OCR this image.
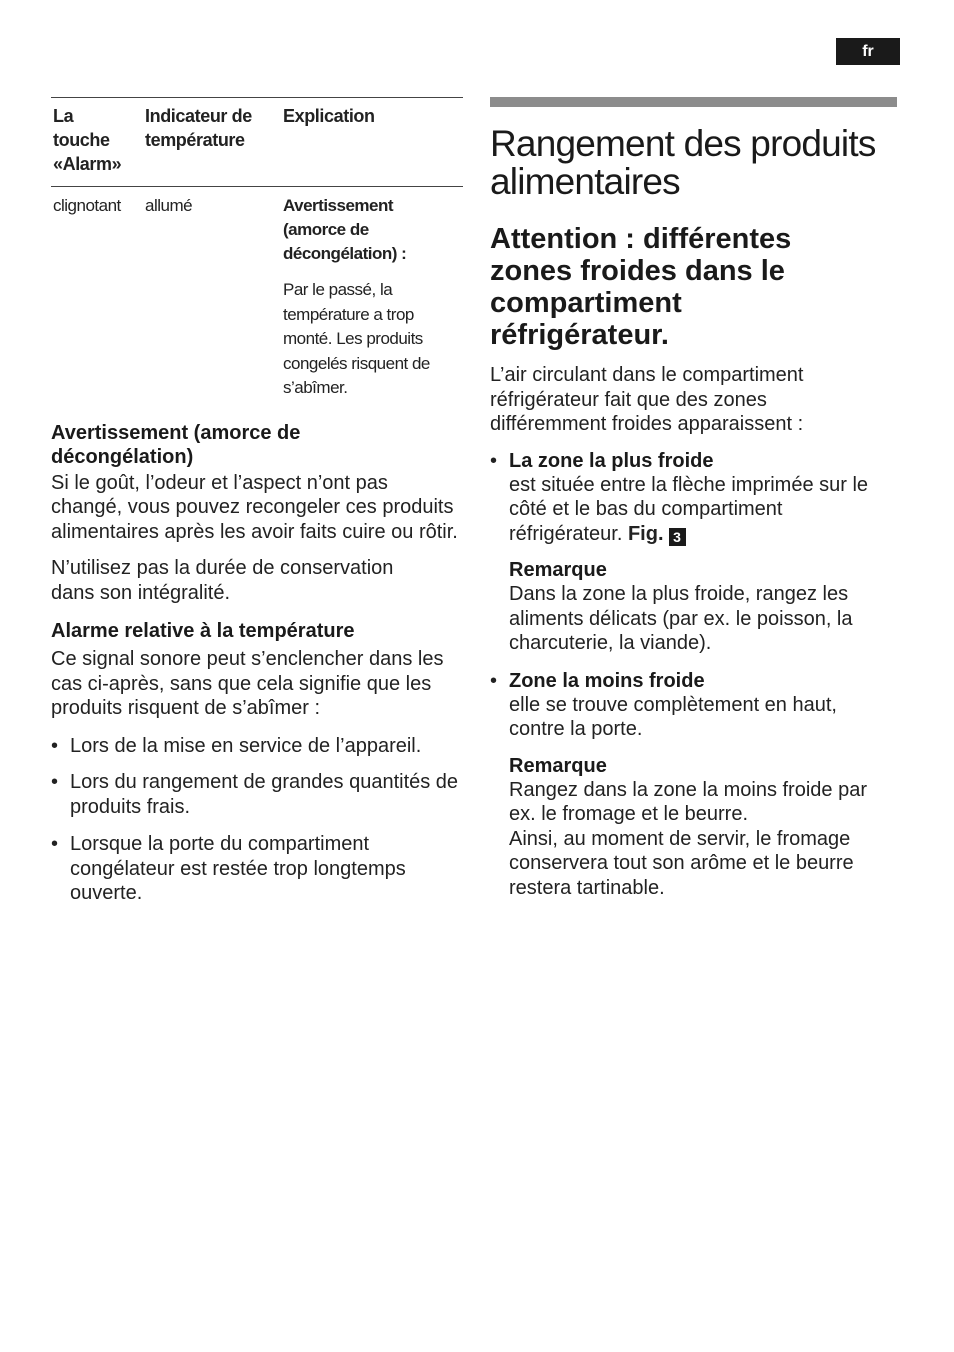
fr
La touche «Alarm»	Indicateur de température	Explication
clignotant	allumé	Avertissement (amorce de décongélation) :
Par le passé, la température a trop monté. Les produits congelés risquent de s’abîmer.

Avertissement (amorce de décongélation)

Si le goût, l’odeur et l’aspect n’ont pas changé, vous pouvez recongeler ces produits alimentaires après les avoir faits cuire ou rôtir.

N’utilisez pas la durée de conservation dans son intégralité.

Alarme relative à la température

Ce signal sonore peut s’enclencher dans les cas ci-après, sans que cela signifie que les produits risquent de s’abîmer :

• Lors de la mise en service de l’appareil.
• Lors du rangement de grandes quantités de produits frais.
• Lorsque la porte du compartiment congélateur est restée trop longtemps ouverte.
Rangement des produits alimentaires
Attention : différentes zones froides dans le compartiment réfrigérateur.

L’air circulant dans le compartiment réfrigérateur fait que des zones différemment froides apparaissent :

• La zone la plus froide
est située entre la flèche imprimée sur le côté et le bas du compartiment réfrigérateur. Fig. 3
Remarque
Dans la zone la plus froide, rangez les aliments délicats (par ex. le poisson, la charcuterie, la viande).
• Zone la moins froide
elle se trouve complètement en haut, contre la porte.
Remarque
Rangez dans la zone la moins froide par ex. le fromage et le beurre.
Ainsi, au moment de servir, le fromage conservera tout son arôme et le beurre restera tartinable.
